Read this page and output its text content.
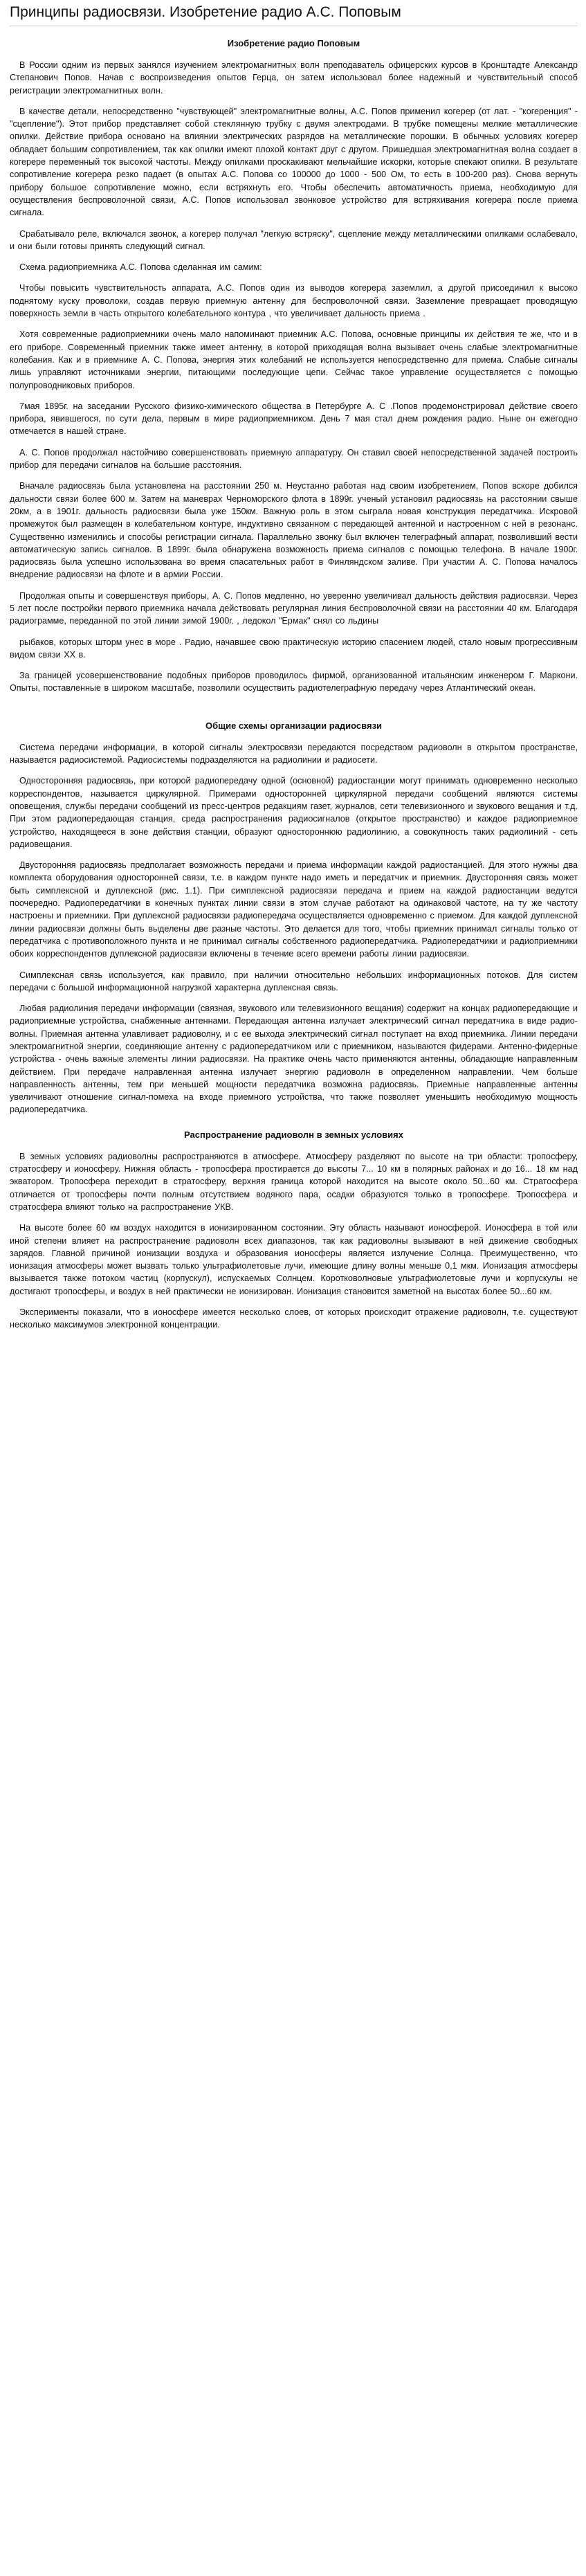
Принципы радиосвязи. Изобретение радио А.С. Поповым
Изобретение радио Поповым

В России одним из первых занялся изучением электромагнитных волн преподаватель офицерских курсов в Кронштадте Александр Степанович Попов. Начав с воспроизведения опытов Герца, он затем использовал более надежный и чувствительный способ регистрации электромагнитных волн.

В качестве детали, непосредственно "чувствующей" электромагнитные волны, А.С. Попов применил когерер (от лат. - "когеренция" - "сцепление"). Этот прибор представляет собой стеклянную трубку с двумя электродами. В трубке помещены мелкие металлические опилки. Действие прибора основано на влиянии электрических разрядов на металлические порошки. В обычных условиях когерер обладает большим сопротивлением, так как опилки имеют плохой контакт друг с другом. Пришедшая электромагнитная волна создает в когерере переменный ток высокой частоты. Между опилками проскакивают мельчайшие искорки, которые спекают опилки. В результате сопротивление когерера резко падает (в опытах А.С. Попова со 100000 до 1000 - 500 Ом, то есть в 100-200 раз). Снова вернуть прибору большое сопротивление можно, если встряхнуть его. Чтобы обеспечить автоматичность приема, необходимую для осуществления беспроволочной связи, А.С. Попов использовал звонковое устройство для встряхивания когерера после приема сигнала.

Срабатывало реле, включался звонок, а когерер получал "легкую встряску", сцепление между металлическими опилками ослабевало, и они были готовы принять следующий сигнал.

Схема радиоприемника А.С. Попова сделанная им самим:

Чтобы повысить чувствительность аппарата, А.С. Попов один из выводов когерера заземлил, а другой присоединил к высоко поднятому куску проволоки, создав первую приемную антенну для беспроволочной связи. Заземление превращает проводящую поверхность земли в часть открытого колебательного контура , что увеличивает дальность приема .

Хотя современные радиоприемники очень мало напоминают приемник А.С. Попова, основные принципы их действия те же, что и в его приборе. Современный приемник также имеет антенну, в которой приходящая волна вызывает очень слабые электромагнитные колебания. Как и в приемнике А. С. Попова, энергия этих колебаний не используется непосредственно для приема. Слабые сигналы лишь управляют источниками энергии, питающими последующие цепи. Сейчас такое управление осуществляется с помощью полупроводниковых приборов.

7мая 1895г. на заседании Русского физико-химического общества в Петербурге А. С .Попов продемонстрировал действие своего прибора, явившегося, по сути дела, первым в мире радиоприемником. День 7 мая стал днем рождения радио. Ныне он ежегодно отмечается в нашей стране.

А. С. Попов продолжал настойчиво совершенствовать приемную аппаратуру. Он ставил своей непосредственной задачей построить прибор для передачи сигналов на большие расстояния.

Вначале радиосвязь была установлена на расстоянии 250 м. Неустанно работая над своим изобретением, Попов вскоре добился дальности связи более 600 м. Затем на маневрах Черноморского флота в 1899г. ученый установил радиосвязь на расстоянии свыше 20км, а в 1901г. дальность радиосвязи была уже 150км. Важную роль в этом сыграла новая конструкция передатчика. Искровой промежуток был размещен в колебательном контуре, индуктивно связанном с передающей антенной и настроенном с ней в резонанс. Существенно изменились и способы регистрации сигнала. Параллельно звонку был включен телеграфный аппарат, позволивший вести автоматическую запись сигналов. В 1899г. была обнаружена возможность приема сигналов с помощью телефона. В начале 1900г. радиосвязь была успешно использована во время спасательных работ в Финляндском заливе. При участии А. С. Попова началось внедрение радиосвязи на флоте и в армии России.

Продолжая опыты и совершенствуя приборы, А. С. Попов медленно, но уверенно увеличивал дальность действия радиосвязи. Через 5 лет после постройки первого приемника начала действовать регулярная линия беспроволочной связи на расстоянии 40 км. Благодаря радиограмме, переданной по этой линии зимой 1900г. , ледокол "Ермак" снял со льдины

рыбаков, которых шторм унес в море . Радио, начавшее свою практическую историю спасением людей, стало новым прогрессивным видом связи XX в.

За границей усовершенствование подобных приборов проводилось фирмой, организованной итальянским инженером Г. Маркони. Опыты, поставленные в широком масштабе, позволили осуществить радиотелеграфную передачу через Атлантический океан.

Общие схемы организации радиосвязи

Система передачи информации, в которой сигналы электросвязи передаются посредством радиоволн в открытом пространстве, называется радиосистемой. Радиосистемы подразделяются на радиолинии и радиосети.

Односторонняя радиосвязь, при которой радиопередачу одной (основной) радиостанции могут принимать одновременно несколько корреспондентов, называется циркулярной. Примерами односторонней циркулярной передачи сообщений являются системы оповещения, службы передачи сообщений из пресс-центров редакциям газет, журналов, сети телевизионного и звукового вещания и т.д. При этом радиопередающая станция, среда распространения радиосигналов (открытое пространство) и каждое радиоприемное устройство, находящееся в зоне действия станции, образуют одностороннюю радиолинию, а совокупность таких радиолиний - сеть радиовещания.

Двусторонняя радиосвязь предполагает возможность передачи и приема информации каждой радиостанцией. Для этого нужны два комплекта оборудования односторонней связи, т.е. в каждом пункте надо иметь и передатчик и приемник. Двусторонняя связь может быть симплексной и дуплексной (рис. 1.1). При симплексной радиосвязи передача и прием на каждой радиостанции ведутся поочередно. Радиопередатчики в конечных пунктах линии связи в этом случае работают на одинаковой частоте, на ту же частоту настроены и приемники. При дуплексной радиосвязи радиопередача осуществляется одновременно с приемом. Для каждой дуплексной линии радиосвязи должны быть выделены две разные частоты. Это делается для того, чтобы приемник принимал сигналы только от передатчика с противоположного пункта и не принимал сигналы собственного радиопередатчика. Радиопередатчики и радиоприемники обоих корреспондентов дуплексной радиосвязи включены в течение всего времени работы линии радиосвязи.

Симплексная связь используется, как правило, при наличии относительно небольших информационных потоков. Для систем передачи с большой информационной нагрузкой характерна дуплексная связь.

Любая радиолиния передачи информации (связная, звукового или телевизионного вещания) содержит на концах радиопередающие и радиоприемные устройства, снабженные антеннами. Передающая антенна излучает электрический сигнал передатчика в виде радио-волны. Приемная антенна улавливает радиоволну, и с ее выхода электрический сигнал поступает на вход приемника. Линии передачи электромагнитной энергии, соединяющие антенну с радиопередатчиком или с приемником, называются фидерами. Антенно-фидерные устройства - очень важные элементы линии радиосвязи. На практике очень часто применяются антенны, обладающие направленным действием. При передаче направленная антенна излучает энергию радиоволн в определенном направлении. Чем больше направленность антенны, тем при меньшей мощности передатчика возможна радиосвязь. Приемные направленные антенны увеличивают отношение сигнал-помеха на входе приемного устройства, что также позволяет уменьшить необходимую мощность радиопередатчика.

Распространение радиоволн в земных условиях

В земных условиях радиоволны распространяются в атмосфере. Атмосферу разделяют по высоте на три области: тропосферу, стратосферу и ионосферу. Нижняя область - тропосфера простирается до высоты 7... 10 км в полярных районах и до 16... 18 км над экватором. Тропосфера переходит в стратосферу, верхняя граница которой находится на высоте около 50...60 км. Стратосфера отличается от тропосферы почти полным отсутствием водяного пара, осадки образуются только в тропосфере. Тропосфера и стратосфера влияют только на распространение УКВ.

На высоте более 60 км воздух находится в ионизированном состоянии. Эту область называют ионосферой. Ионосфера в той или иной степени влияет на распространение радиоволн всех диапазонов, так как радиоволны вызывают в ней движение свободных зарядов. Главной причиной ионизации воздуха и образования ионосферы является излучение Солнца. Преимущественно, что ионизация атмосферы может вызвать только ультрафиолетовые лучи, имеющие длину волны меньше 0,1 мкм. Ионизация атмосферы вызывается также потоком частиц (корпускул), испускаемых Солнцем. Коротковолновые ультрафиолетовые лучи и корпускулы не достигают тропосферы, и воздух в ней практически не ионизирован. Ионизация становится заметной на высотах более 50...60 км.

Эксперименты показали, что в ионосфере имеется несколько слоев, от которых происходит отражение радиоволн, т.е. существуют несколько максимумов электронной концентрации.
